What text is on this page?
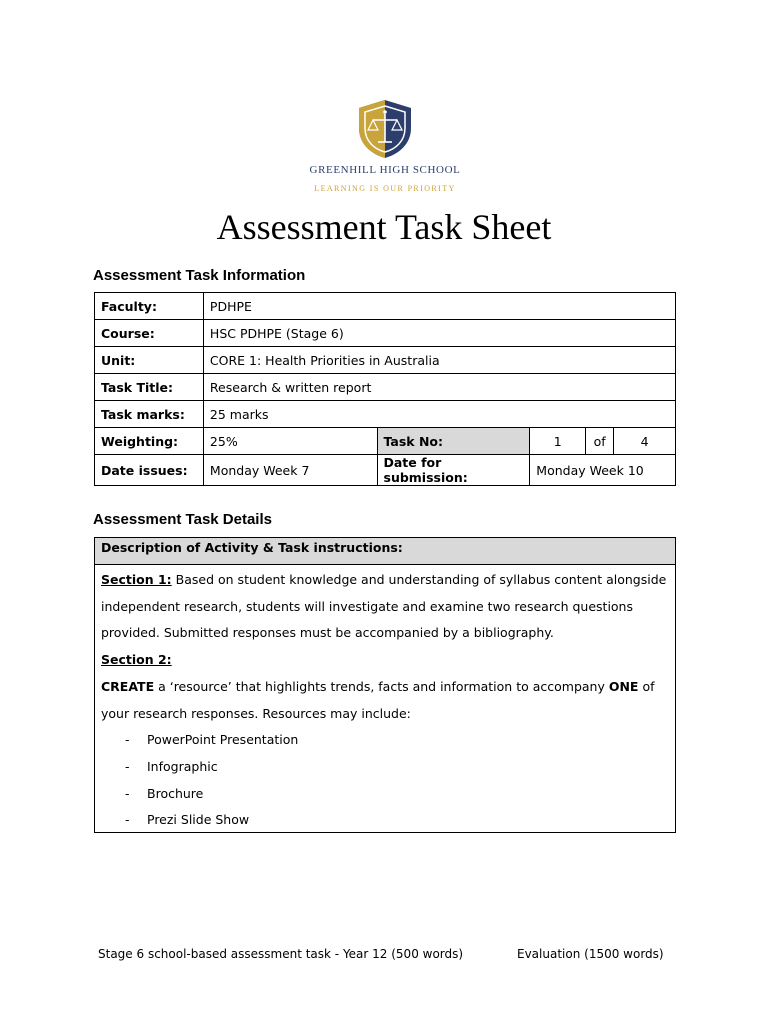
GREENHILL HIGH SCHOOL
LEARNING IS OUR PRIORITY
Assessment Task Sheet
Assessment Task Information
Faculty:	PDHPE				
Course:	HSC PDHPE (Stage 6)				
Unit:	CORE 1: Health Priorities in Australia				
Task Title:	Research & written report				
Task marks:	25 marks				
Weighting:	25%	Task No:	1	of	4
Date issues:	Monday Week 7	Date for submission:	Monday Week 10		
Assessment Task Details
Description of Activity & Task instructions:

Section 1: Based on student knowledge and understanding of syllabus content alongside independent research, students will investigate and examine two research questions provided. Submitted responses must be accompanied by a bibliography.

Section 2:

CREATE a ‘resource’ that highlights trends, facts and information to accompany ONE of your research responses. Resources may include:

- PowerPoint Presentation
- Infographic
- Brochure
- Prezi Slide Show
Stage 6 school-based assessment task - Year 12 (500 words)	Evaluation (1500 words)
